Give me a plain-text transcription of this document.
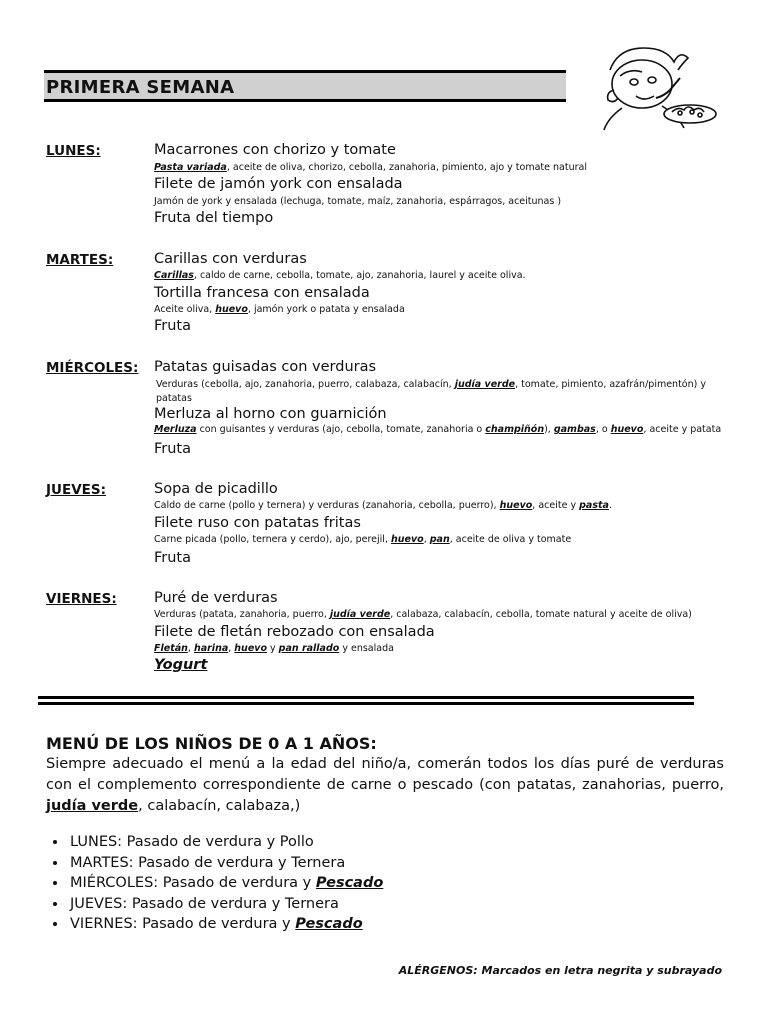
PRIMERA SEMANA
LUNES:	Macarrones con chorizo y tomate
Pasta variada, aceite de oliva, chorizo, cebolla, zanahoria, pimiento, ajo y tomate natural
Filete de jamón york con ensalada
Jamón de york y ensalada (lechuga, tomate, maíz, zanahoria, espárragos, aceitunas )
Fruta del tiempo
MARTES:	Carillas con verduras
Carillas, caldo de carne, cebolla, tomate, ajo, zanahoria, laurel y aceite oliva.
Tortilla francesa con ensalada
Aceite oliva, huevo, jamón york o patata y ensalada
Fruta
MIÉRCOLES: Patatas guisadas con verduras
Verduras (cebolla, ajo, zanahoria, puerro, calabaza, calabacín, judía verde, tomate, pimiento, azafrán/pimentón) y patatas
Merluza al horno con guarnición
Merluza con guisantes y verduras (ajo, cebolla, tomate, zanahoria o champiñón), gambas, o huevo, aceite y patata
Fruta
JUEVES:	Sopa de picadillo
Caldo de carne (pollo y ternera) y verduras (zanahoria, cebolla, puerro), huevo, aceite y pasta.
Filete ruso con patatas fritas
Carne picada (pollo, ternera y cerdo), ajo, perejil, huevo, pan, aceite de oliva y tomate
Fruta
VIERNES:	Puré de verduras
Verduras (patata, zanahoria, puerro, judía verde, calabaza, calabacín, cebolla, tomate natural y aceite de oliva)
Filete de fletán rebozado con ensalada
Fletán, harina, huevo y pan rallado y ensalada
Yogurt
MENÚ DE LOS NIÑOS DE 0 A 1 AÑOS:
Siempre adecuado el menú a la edad del niño/a, comerán todos los días puré de verduras con el complemento correspondiente de carne o pescado (con patatas, zanahorias, puerro, judía verde, calabacín, calabaza,)
• LUNES: Pasado de verdura y Pollo
• MARTES: Pasado de verdura y Ternera
• MIÉRCOLES: Pasado de verdura y Pescado
• JUEVES: Pasado de verdura y Ternera
• VIERNES: Pasado de verdura y Pescado
ALÉRGENOS: Marcados en letra negrita y subrayado
